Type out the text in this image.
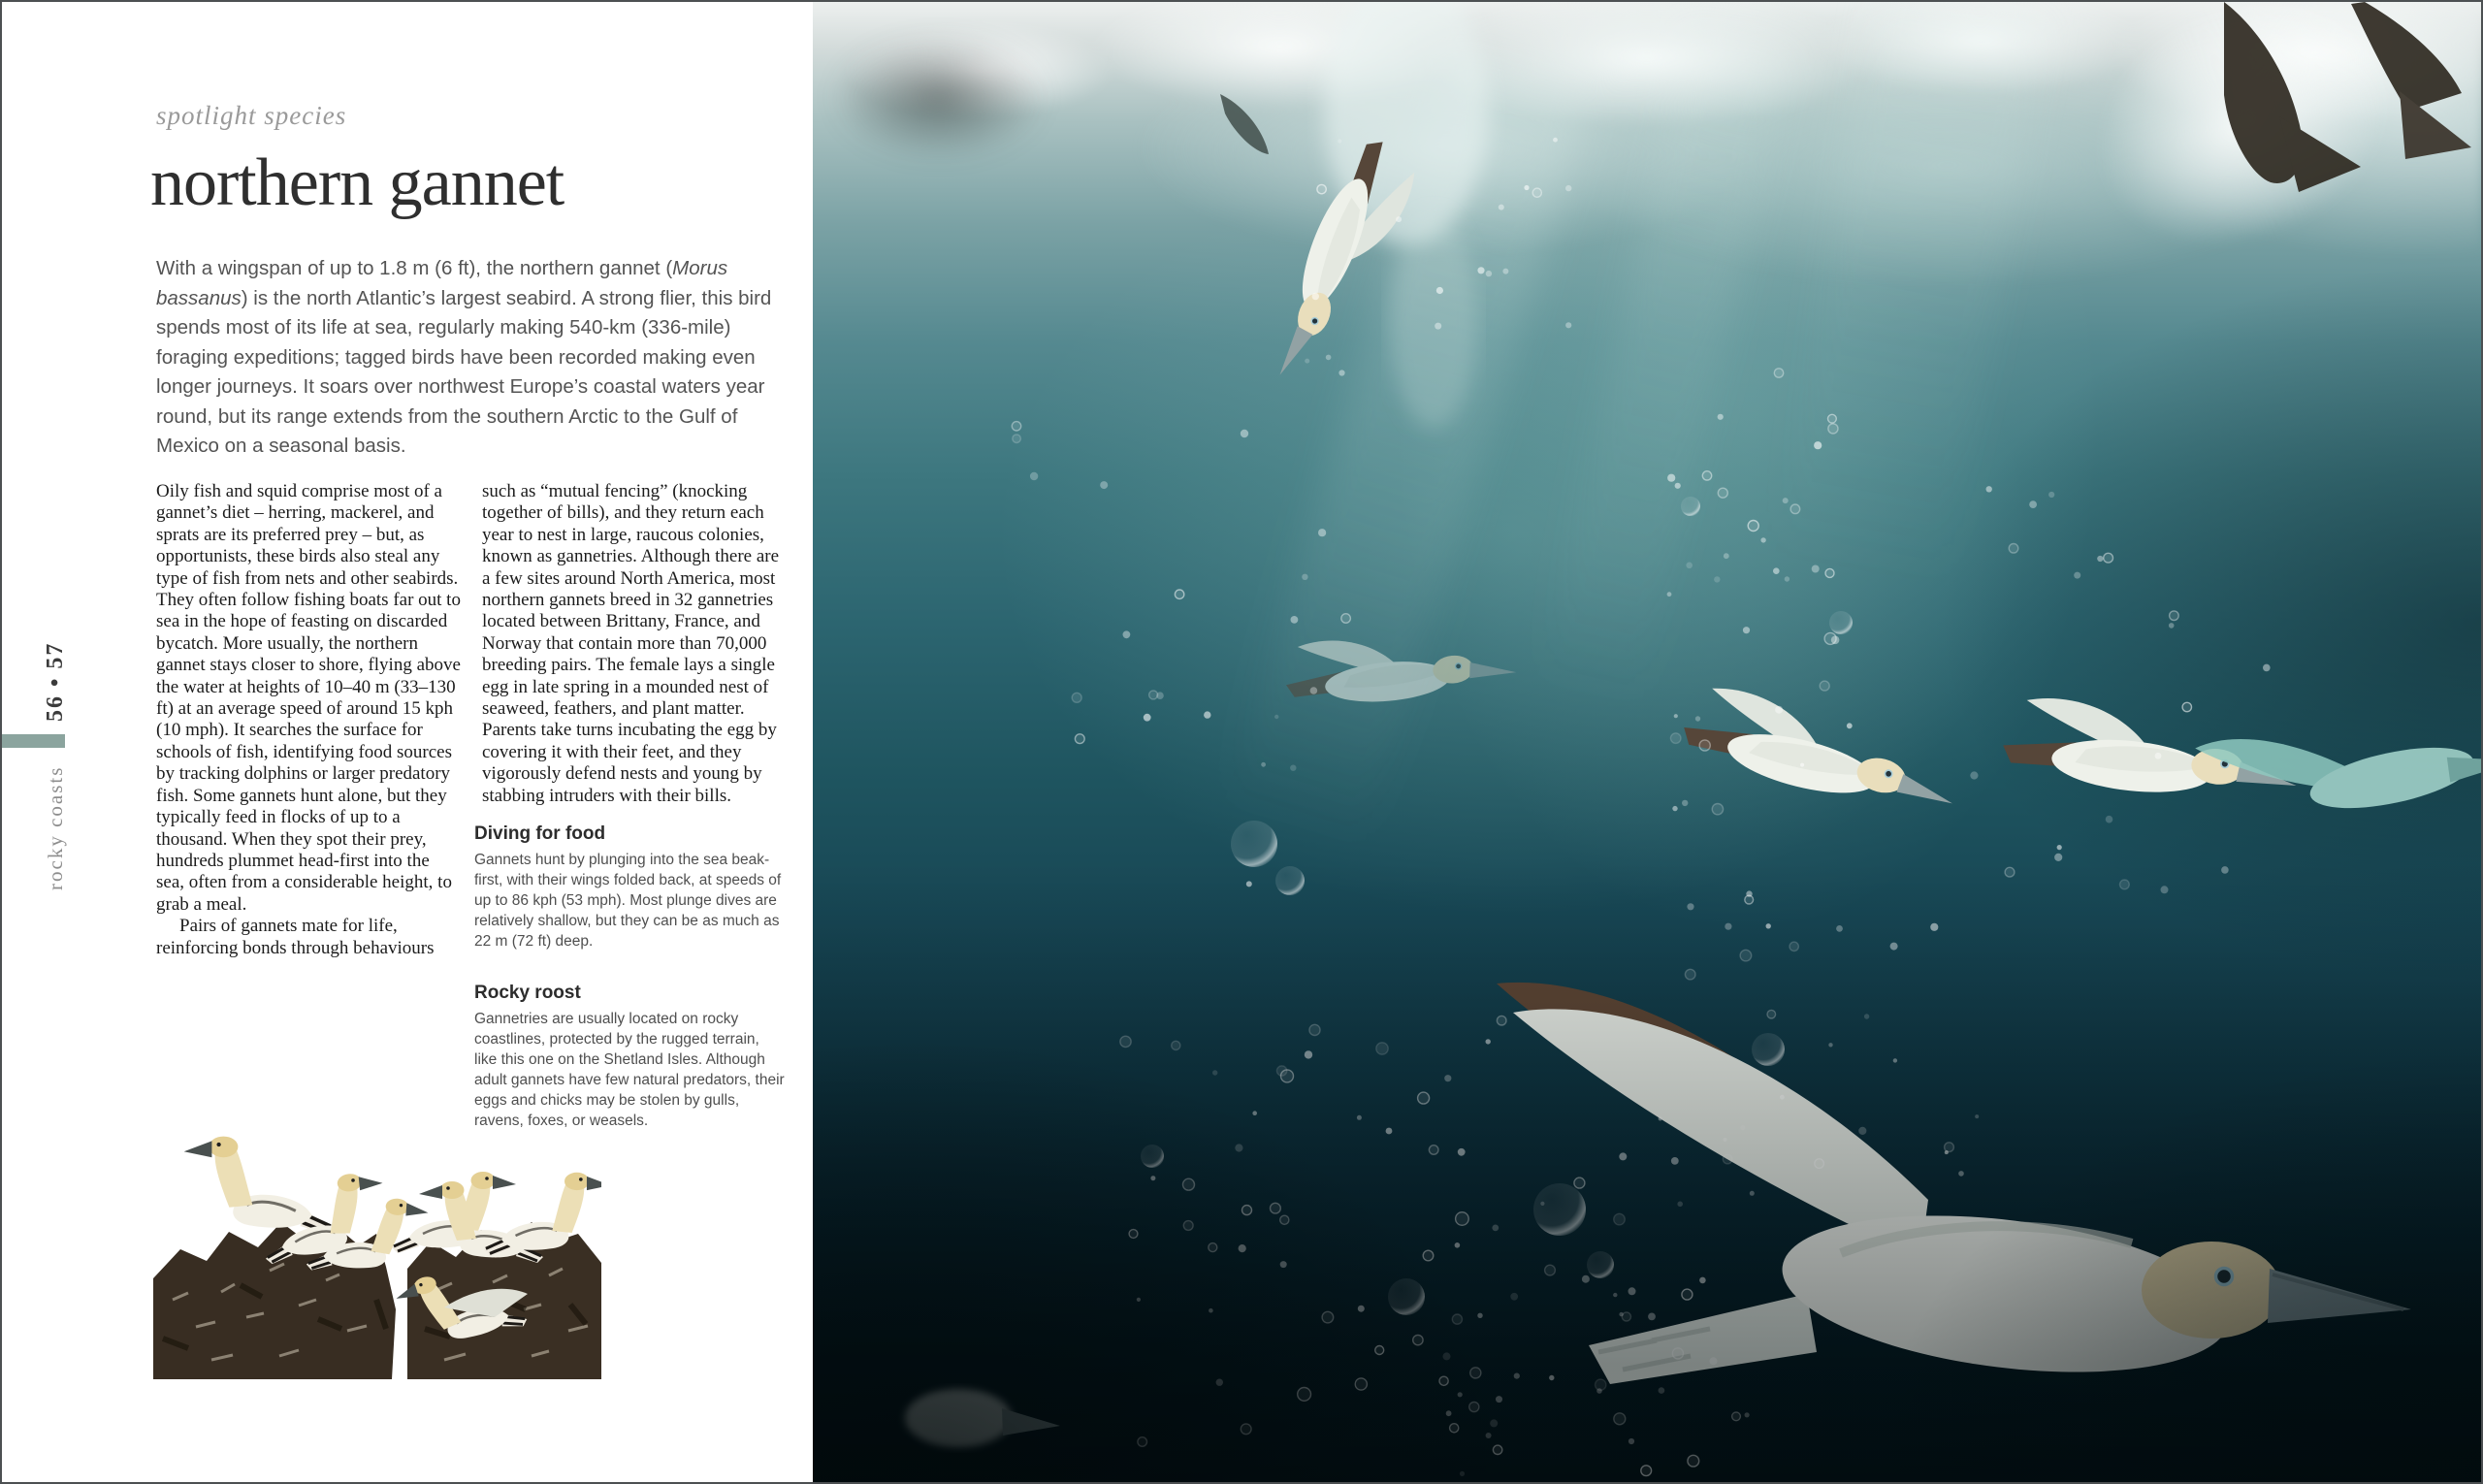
spotlight species
northern gannet

With a wingspan of up to 1.8 m (6 ft), the northern gannet (Morus bassanus) is the north Atlantic’s largest seabird. A strong flier, this bird spends most of its life at sea, regularly making 540-km (336-mile) foraging expeditions; tagged birds have been recorded making even longer journeys. It soars over northwest Europe’s coastal waters year round, but its range extends from the southern Arctic to the Gulf of Mexico on a seasonal basis.

Oily fish and squid comprise most of a gannet’s diet – herring, mackerel, and sprats are its preferred prey – but, as opportunists, these birds also steal any type of fish from nets and other seabirds. They often follow fishing boats far out to sea in the hope of feasting on discarded bycatch. More usually, the northern gannet stays closer to shore, flying above the water at heights of 10–40 m (33–130 ft) at an average speed of around 15 kph (10 mph). It searches the surface for schools of fish, identifying food sources by tracking dolphins or larger predatory fish. Some gannets hunt alone, but they typically feed in flocks of up to a thousand. When they spot their prey, hundreds plummet head-first into the sea, often from a considerable height, to grab a meal.

Pairs of gannets mate for life, reinforcing bonds through behaviours

such as “mutual fencing” (knocking together of bills), and they return each year to nest in large, raucous colonies, known as gannetries. Although there are a few sites around North America, most northern gannets breed in 32 gannetries located between Brittany, France, and Norway that contain more than 70,000 breeding pairs. The female lays a single egg in late spring in a mounded nest of seaweed, feathers, and plant matter. Parents take turns incubating the egg by covering it with their feet, and they vigorously defend nests and young by stabbing intruders with their bills.

Diving for food
Gannets hunt by plunging into the sea beak-first, with their wings folded back, at speeds of up to 86 kph (53 mph). Most plunge dives are relatively shallow, but they can be as much as 22 m (72 ft) deep.
Rocky roost
Gannetries are usually located on rocky coastlines, protected by the rugged terrain, like this one on the Shetland Isles. Although adult gannets have few natural predators, their eggs and chicks may be stolen by gulls, ravens, foxes, or weasels.
56 • 57
rocky coasts
